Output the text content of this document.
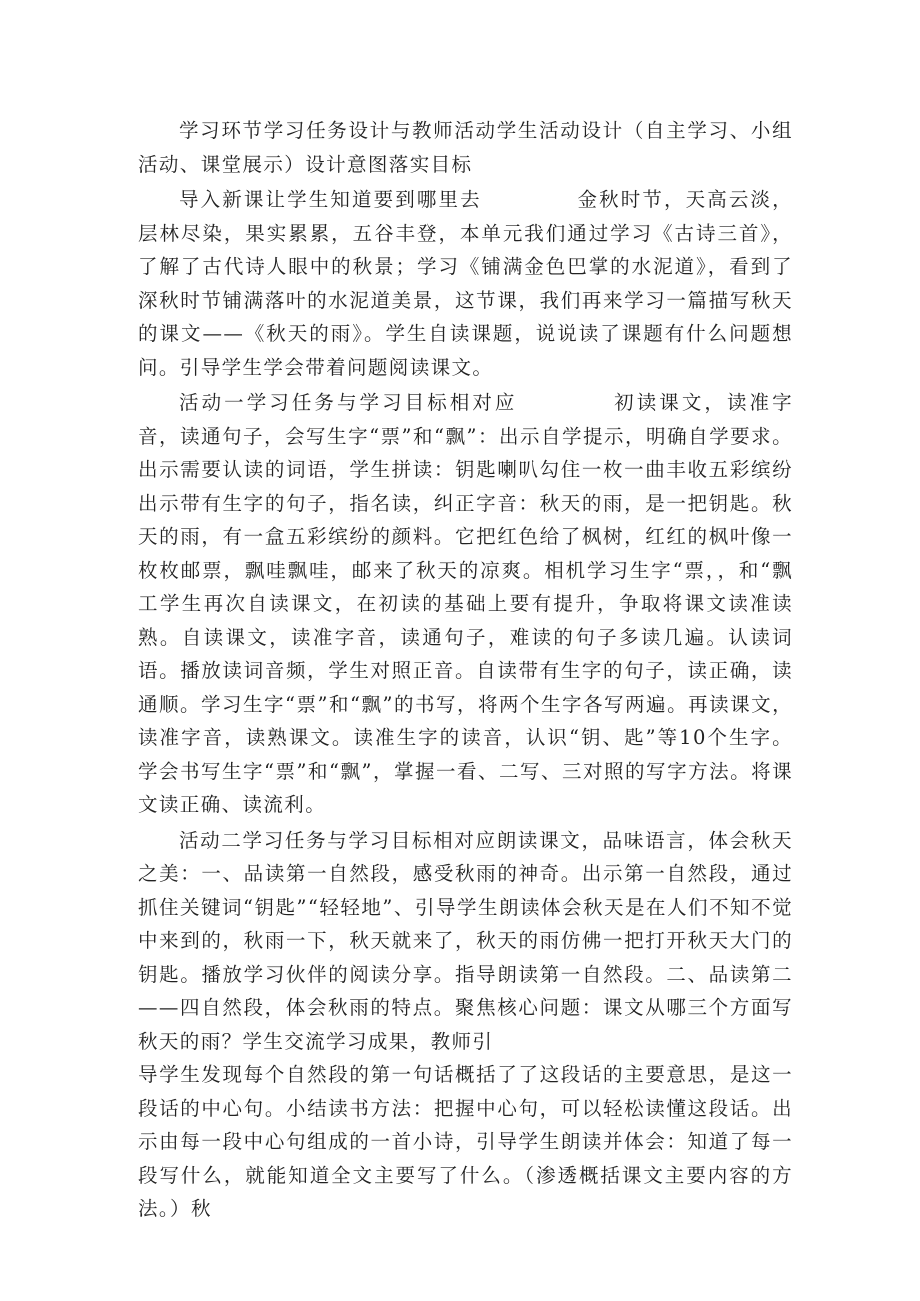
学习环节学习任务设计与教师活动学生活动设计（自主学习、小组活动、课堂展示）设计意图落实目标

导入新课让学生知道要到哪里去	金秋时节，天高云淡，层林尽染，果实累累，五谷丰登，本单元我们通过学习《古诗三首》，了解了古代诗人眼中的秋景；学习《铺满金色巴掌的水泥道》，看到了深秋时节铺满落叶的水泥道美景，这节课，我们再来学习一篇描写秋天的课文——《秋天的雨》。学生自读课题，说说读了课题有什么问题想问。引导学生学会带着问题阅读课文。

活动一学习任务与学习目标相对应	初读课文，读准字音，读通句子，会写生字“票”和“飘”：出示自学提示，明确自学要求。出示需要认读的词语，学生拼读：钥匙喇叭勾住一枚一曲丰收五彩缤纷出示带有生字的句子，指名读，纠正字音：秋天的雨，是一把钥匙。秋天的雨，有一盒五彩缤纷的颜料。它把红色给了枫树，红红的枫叶像一枚枚邮票，飘哇飘哇，邮来了秋天的凉爽。相机学习生字“票，，和“飘工学生再次自读课文，在初读的基础上要有提升，争取将课文读准读熟。自读课文，读准字音，读通句子，难读的句子多读几遍。认读词语。播放读词音频，学生对照正音。自读带有生字的句子，读正确，读通顺。学习生字“票”和“飘”的书写，将两个生字各写两遍。再读课文，读准字音，读熟课文。读准生字的读音，认识“钥、匙”等10个生字。学会书写生字“票”和“飘”，掌握一看、二写、三对照的写字方法。将课文读正确、读流利。

活动二学习任务与学习目标相对应朗读课文，品味语言，体会秋天之美：一、品读第一自然段，感受秋雨的神奇。出示第一自然段，通过抓住关键词“钥匙”“轻轻地”、引导学生朗读体会秋天是在人们不知不觉中来到的，秋雨一下，秋天就来了，秋天的雨仿佛一把打开秋天大门的钥匙。播放学习伙伴的阅读分享。指导朗读第一自然段。二、品读第二——四自然段，体会秋雨的特点。聚焦核心问题：课文从哪三个方面写秋天的雨？学生交流学习成果，教师引

导学生发现每个自然段的第一句话概括了了这段话的主要意思，是这一段话的中心句。小结读书方法：把握中心句，可以轻松读懂这段话。出示由每一段中心句组成的一首小诗，引导学生朗读并体会：知道了每一段写什么，就能知道全文主要写了什么。（渗透概括课文主要内容的方法。）秋
